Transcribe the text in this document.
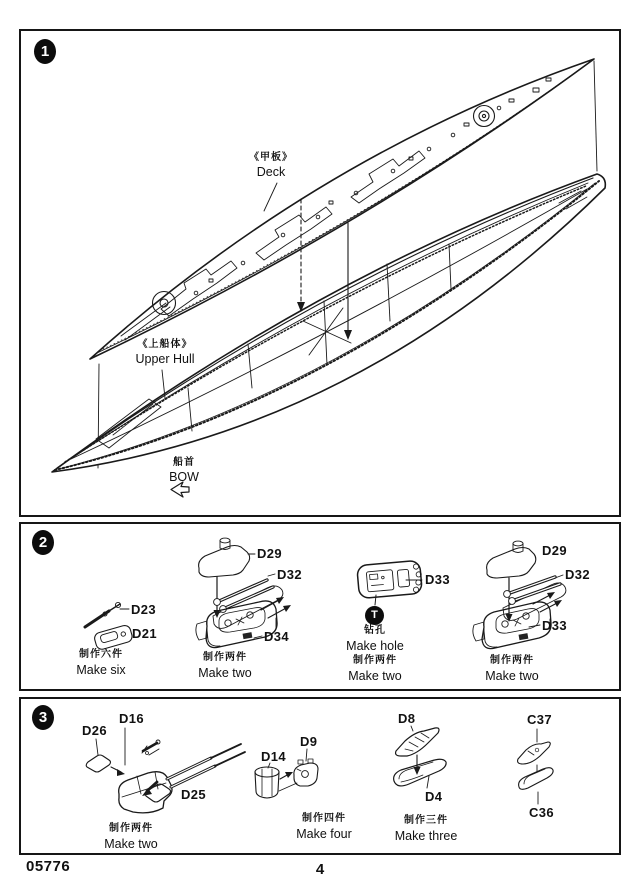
1
《甲板》
Deck
《上船体》
Upper Hull
船首
BOW
2
D23
D21
D29
D32
D34
D33
D29
D32
D33
T
制作六件
Make six
制作两件
Make two
钻孔
Make hole
制作两件
Make two
制作两件
Make two
3
D26
D16
D25
D14
D9
D8
D4
C37
C36
制作两件
Make two
制作四件
Make four
制作三件
Make three
05776	4
